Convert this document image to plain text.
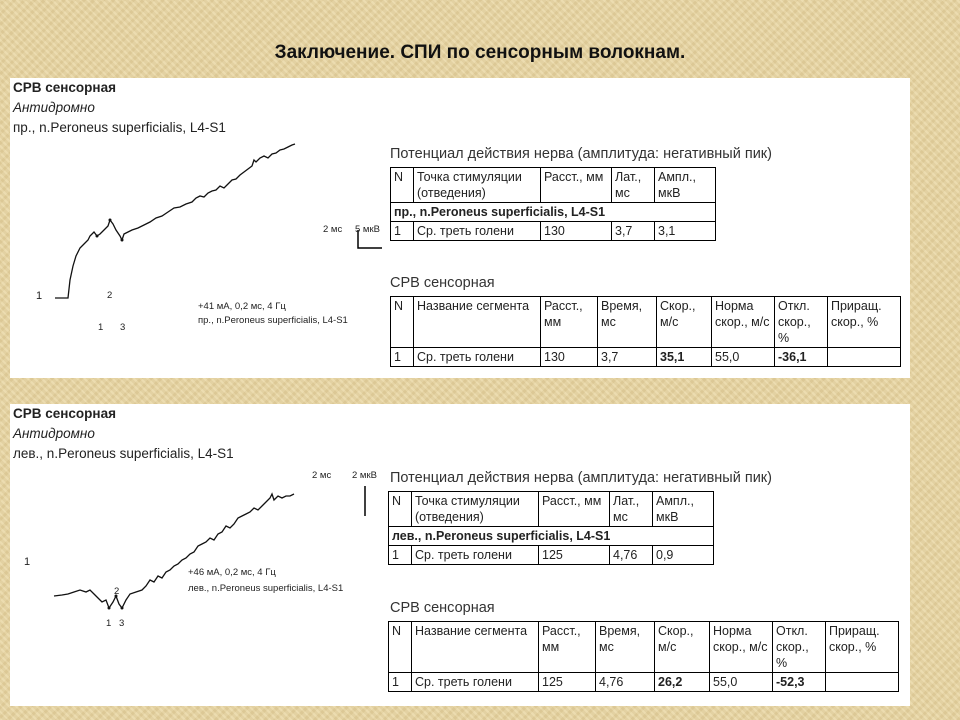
Заключение. СПИ по сенсорным волокнам.
СРВ сенсорная
Антидромно
пр., n.Peroneus superficialis, L4-S1
2 мс 5 мкВ
1	2
1 3
+41 мА, 0,2 мс, 4 Гц
пр., n.Peroneus superficialis, L4-S1
Потенциал действия нерва (амплитуда: негативный пик)
N	Точка стимуляции (отведения)	Расст., мм	Лат., мс	Ампл., мкВ
пр., n.Peroneus superficialis, L4-S1				
1	Ср. треть голени	130	3,7	3,1
СРВ сенсорная
N	Название сегмента	Расст., мм	Время, мс	Скор., м/с	Норма скор., м/с	Откл. скор., %	Приращ. скор., %
1	Ср. треть голени	130	3,7	35,1	55,0	-36,1	
СРВ сенсорная
Антидромно
лев., n.Peroneus superficialis, L4-S1
2 мс 2 мкВ
1
2
1 3
+46 мА, 0,2 мс, 4 Гц
лев., n.Peroneus superficialis, L4-S1
Потенциал действия нерва (амплитуда: негативный пик)
N	Точка стимуляции (отведения)	Расст., мм	Лат., мс	Ампл., мкВ
лев., n.Peroneus superficialis, L4-S1				
1	Ср. треть голени	125	4,76	0,9
СРВ сенсорная
N	Название сегмента	Расст., мм	Время, мс	Скор., м/с	Норма скор., м/с	Откл. скор., %	Приращ. скор., %
1	Ср. треть голени	125	4,76	26,2	55,0	-52,3	
